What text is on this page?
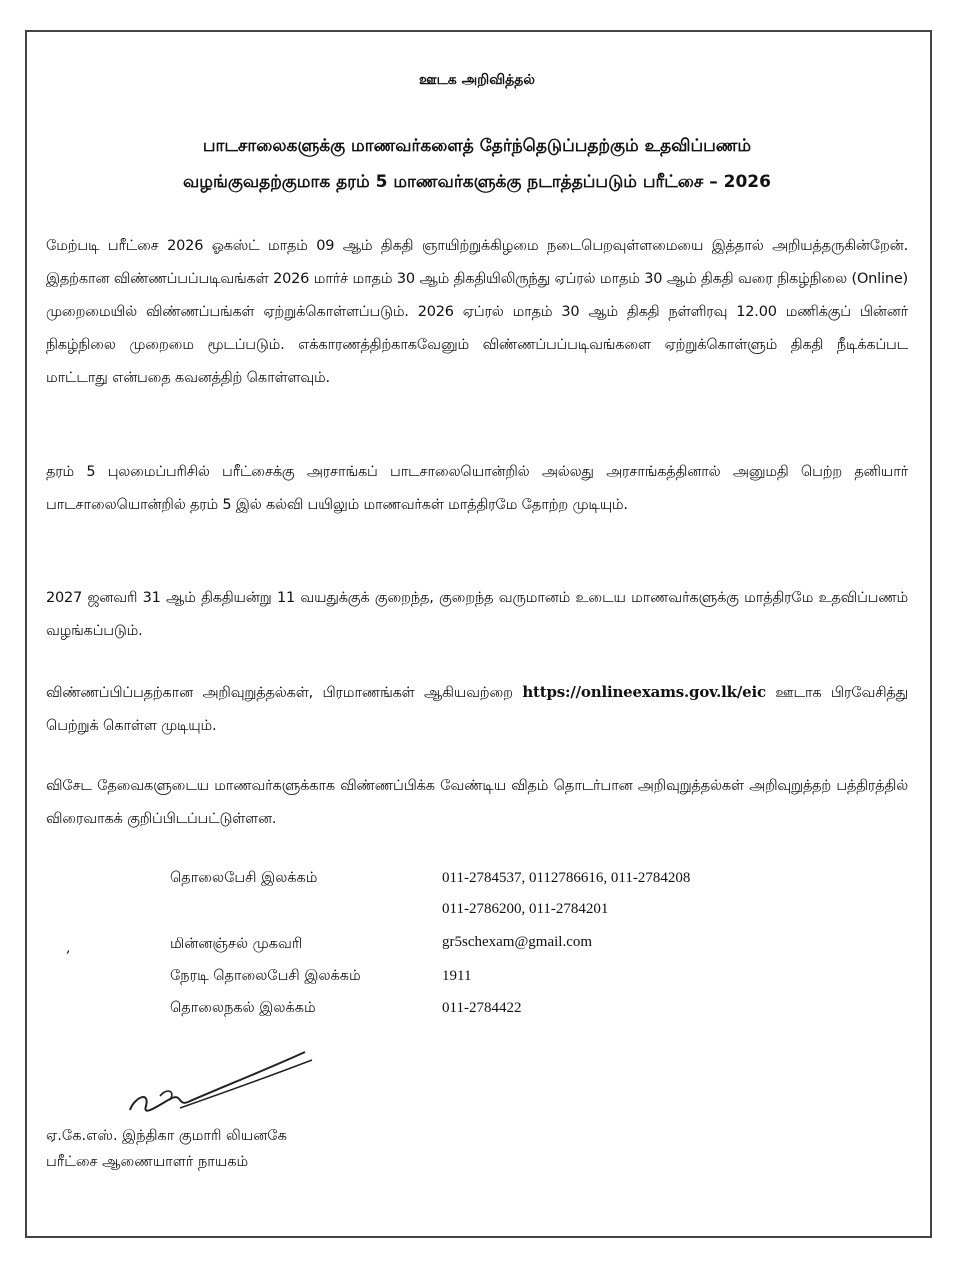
ஊடக அறிவித்தல்
பாடசாலைகளுக்கு மாணவர்களைத் தேர்ந்தெடுப்பதற்கும் உதவிப்பணம்
வழங்குவதற்குமாக தரம் 5 மாணவர்களுக்கு நடாத்தப்படும் பரீட்சை – 2026
மேற்படி பரீட்சை 2026 ஓகஸ்ட் மாதம் 09 ஆம் திகதி ஞாயிற்றுக்கிழமை நடைபெறவுள்ளமையை இத்தால் அறியத்தருகின்றேன். இதற்கான விண்ணப்பப்படிவங்கள் 2026 மார்ச் மாதம் 30 ஆம் திகதியிலிருந்து ஏப்ரல் மாதம் 30 ஆம் திகதி வரை நிகழ்நிலை (Online) முறைமையில் விண்ணப்பங்கள் ஏற்றுக்கொள்ளப்படும். 2026 ஏப்ரல் மாதம் 30 ஆம் திகதி நள்ளிரவு 12.00 மணிக்குப் பின்னர் நிகழ்நிலை முறைமை மூடப்படும். எக்காரணத்திற்காகவேனும் விண்ணப்பப்படிவங்களை ஏற்றுக்கொள்ளும் திகதி நீடிக்கப்பட மாட்டாது என்பதை கவனத்திற் கொள்ளவும்.
தரம் 5 புலமைப்பரிசில் பரீட்சைக்கு அரசாங்கப் பாடசாலையொன்றில் அல்லது அரசாங்கத்தினால் அனுமதி பெற்ற தனியார் பாடசாலையொன்றில் தரம் 5 இல் கல்வி பயிலும் மாணவர்கள் மாத்திரமே தோற்ற முடியும்.
2027 ஜனவரி 31 ஆம் திகதியன்று 11 வயதுக்குக் குறைந்த, குறைந்த வருமானம் உடைய மாணவர்களுக்கு மாத்திரமே உதவிப்பணம் வழங்கப்படும்.
விண்ணப்பிப்பதற்கான அறிவுறுத்தல்கள், பிரமாணங்கள் ஆகியவற்றை https://onlineexams.gov.lk/eic ஊடாக பிரவேசித்து பெற்றுக் கொள்ள முடியும்.
விசேட தேவைகளுடைய மாணவர்களுக்காக விண்ணப்பிக்க வேண்டிய விதம் தொடர்பான அறிவுறுத்தல்கள் அறிவுறுத்தற் பத்திரத்தில் விரைவாகக் குறிப்பிடப்பட்டுள்ளன.
தொலைபேசி இலக்கம்	011-2784537, 0112786616, 011-2784208
011-2786200, 011-2784201
,	மின்னஞ்சல் முகவரி	gr5schexam@gmail.com
நேரடி தொலைபேசி இலக்கம்	1911
தொலைநகல் இலக்கம்	011-2784422
ஏ.கே.எஸ். இந்திகா குமாரி லியனகே
பரீட்சை ஆணையாளர் நாயகம்
